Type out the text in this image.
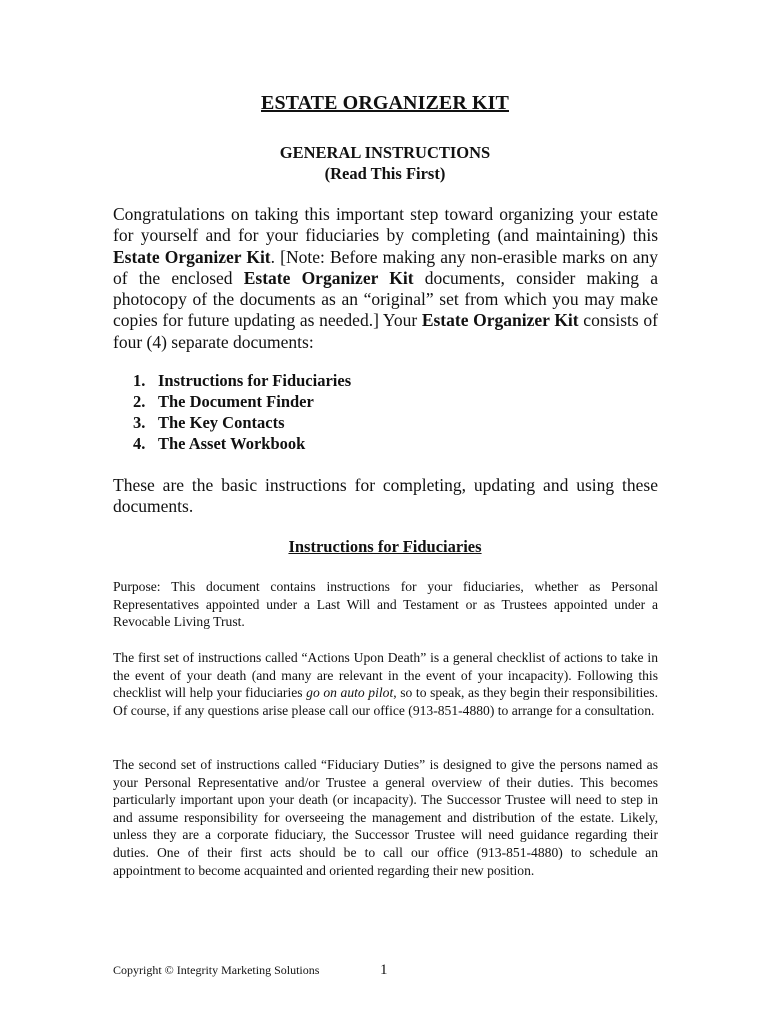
ESTATE ORGANIZER KIT
GENERAL INSTRUCTIONS
(Read This First)

Congratulations on taking this important step toward organizing your estate for yourself and for your fiduciaries by completing (and maintaining) this Estate Organizer Kit. [Note: Before making any non-erasible marks on any of the enclosed Estate Organizer Kit documents, consider making a photocopy of the documents as an “original” set from which you may make copies for future updating as needed.] Your Estate Organizer Kit consists of four (4) separate documents:

1. Instructions for Fiduciaries
2. The Document Finder
3. The Key Contacts
4. The Asset Workbook

These are the basic instructions for completing, updating and using these documents.

Instructions for Fiduciaries

Purpose: This document contains instructions for your fiduciaries, whether as Personal Representatives appointed under a Last Will and Testament or as Trustees appointed under a Revocable Living Trust.

The first set of instructions called “Actions Upon Death” is a general checklist of actions to take in the event of your death (and many are relevant in the event of your incapacity). Following this checklist will help your fiduciaries go on auto pilot, so to speak, as they begin their responsibilities. Of course, if any questions arise please call our office (913-851-4880) to arrange for a consultation.

The second set of instructions called “Fiduciary Duties” is designed to give the persons named as your Personal Representative and/or Trustee a general overview of their duties. This becomes particularly important upon your death (or incapacity). The Successor Trustee will need to step in and assume responsibility for overseeing the management and distribution of the estate. Likely, unless they are a corporate fiduciary, the Successor Trustee will need guidance regarding their duties. One of their first acts should be to call our office (913-851-4880) to schedule an appointment to become acquainted and oriented regarding their new position.

Copyright © Integrity Marketing Solutions	1
